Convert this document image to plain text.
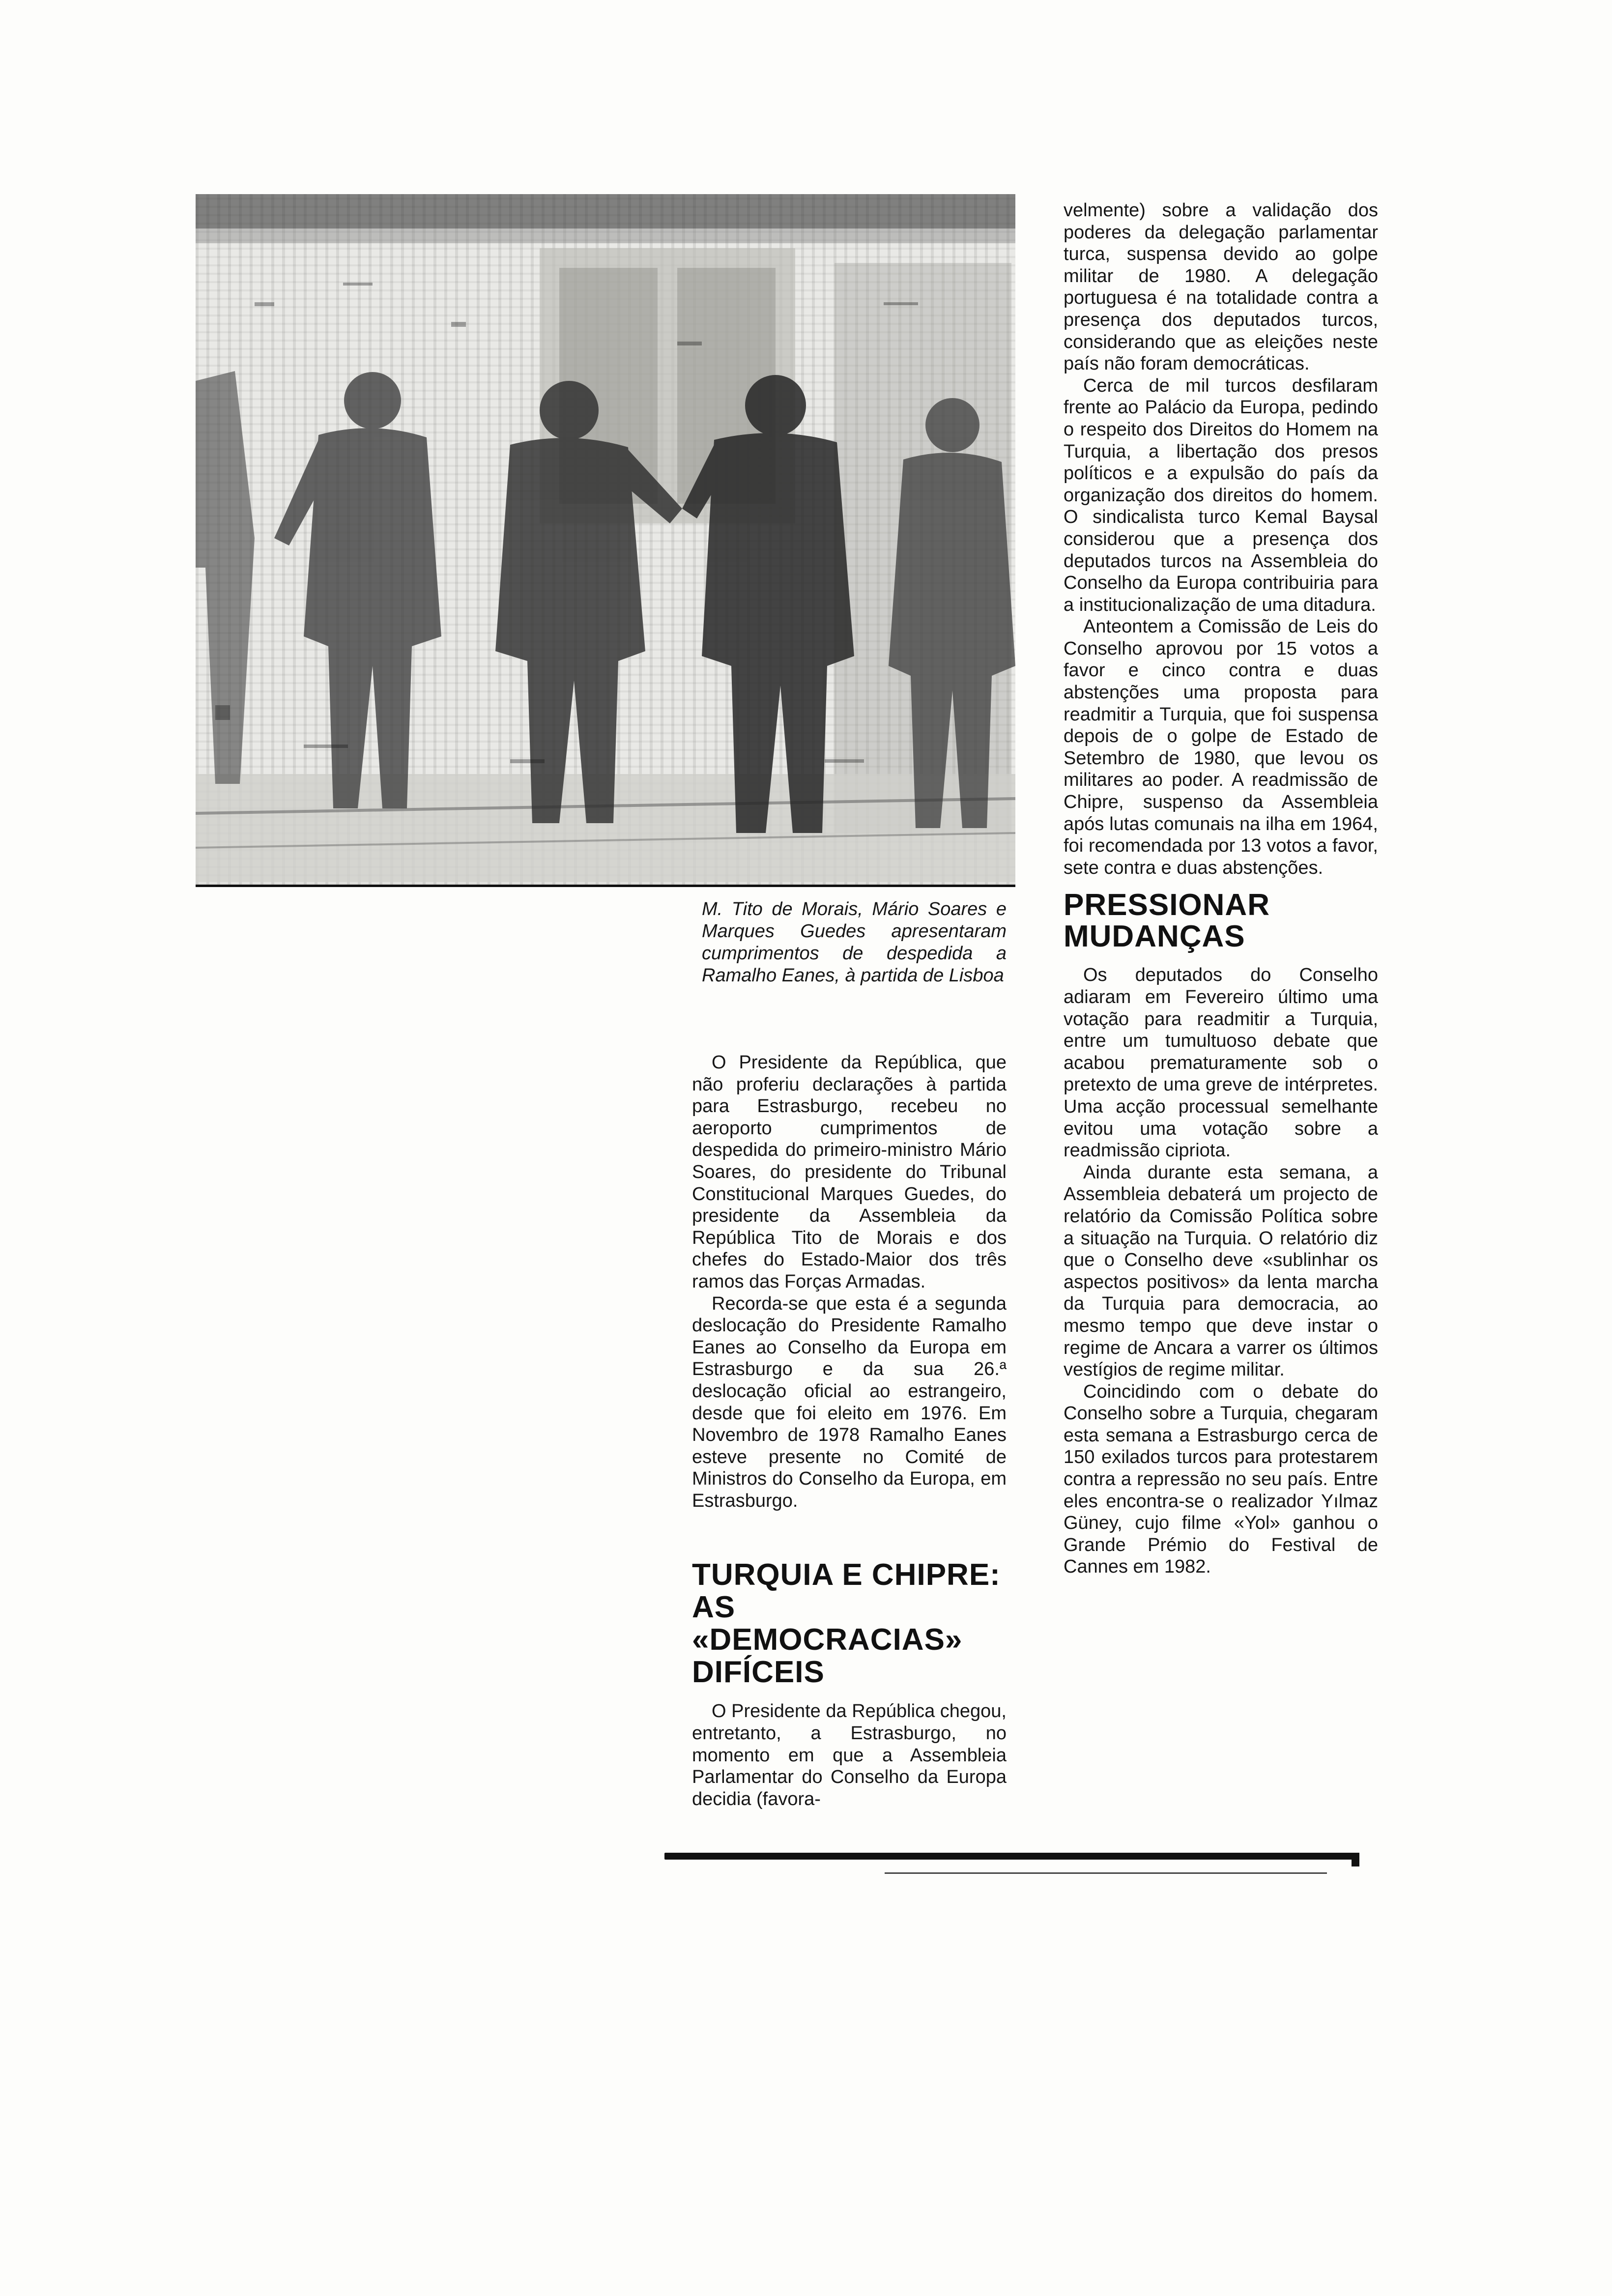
M. Tito de Morais, Mário Soares e Marques Guedes apresentaram cumprimentos de despedida a Ramalho Eanes, à partida de Lisboa

O Presidente da República, que não proferiu declarações à partida para Estrasburgo, recebeu no aeroporto cumprimentos de despedida do primeiro-ministro Mário Soares, do presidente do Tribunal Constitucional Marques Guedes, do presidente da Assembleia da República Tito de Morais e dos chefes do Estado-Maior dos três ramos das Forças Armadas.

Recorda-se que esta é a segunda deslocação do Presidente Ramalho Eanes ao Conselho da Europa em Estrasburgo e da sua 26.ª deslocação oficial ao estrangeiro, desde que foi eleito em 1976. Em Novembro de 1978 Ramalho Eanes esteve presente no Comité de Ministros do Conselho da Europa, em Estrasburgo.

TURQUIA E CHIPRE:
AS «DEMOCRACIAS»
DIFÍCEIS

O Presidente da República chegou, entretanto, a Estrasburgo, no momento em que a Assembleia Parlamentar do Conselho da Europa decidia (favora-

velmente) sobre a validação dos poderes da delegação parlamentar turca, suspensa devido ao golpe militar de 1980. A delegação portuguesa é na totalidade contra a presença dos deputados turcos, considerando que as eleições neste país não foram democráticas.

Cerca de mil turcos desfilaram frente ao Palácio da Europa, pedindo o respeito dos Direitos do Homem na Turquia, a libertação dos presos políticos e a expulsão do país da organização dos direitos do homem. O sindicalista turco Kemal Baysal considerou que a presença dos deputados turcos na Assembleia do Conselho da Europa contribuiria para a institucionalização de uma ditadura.

Anteontem a Comissão de Leis do Conselho aprovou por 15 votos a favor e cinco contra e duas abstenções uma proposta para readmitir a Turquia, que foi suspensa depois de o golpe de Estado de Setembro de 1980, que levou os militares ao poder. A readmissão de Chipre, suspenso da Assembleia após lutas comunais na ilha em 1964, foi recomendada por 13 votos a favor, sete contra e duas abstenções.

PRESSIONAR
MUDANÇAS

Os deputados do Conselho adiaram em Fevereiro último uma votação para readmitir a Turquia, entre um tumultuoso debate que acabou prematuramente sob o pretexto de uma greve de intérpretes. Uma acção processual semelhante evitou uma votação sobre a readmissão cipriota.

Ainda durante esta semana, a Assembleia debaterá um projecto de relatório da Comissão Política sobre a situação na Turquia. O relatório diz que o Conselho deve «sublinhar os aspectos positivos» da lenta marcha da Turquia para democracia, ao mesmo tempo que deve instar o regime de Ancara a varrer os últimos vestígios de regime militar.

Coincidindo com o debate do Conselho sobre a Turquia, chegaram esta semana a Estrasburgo cerca de 150 exilados turcos para protestarem contra a repressão no seu país. Entre eles encontra-se o realizador Yılmaz Güney, cujo filme «Yol» ganhou o Grande Prémio do Festival de Cannes em 1982.
